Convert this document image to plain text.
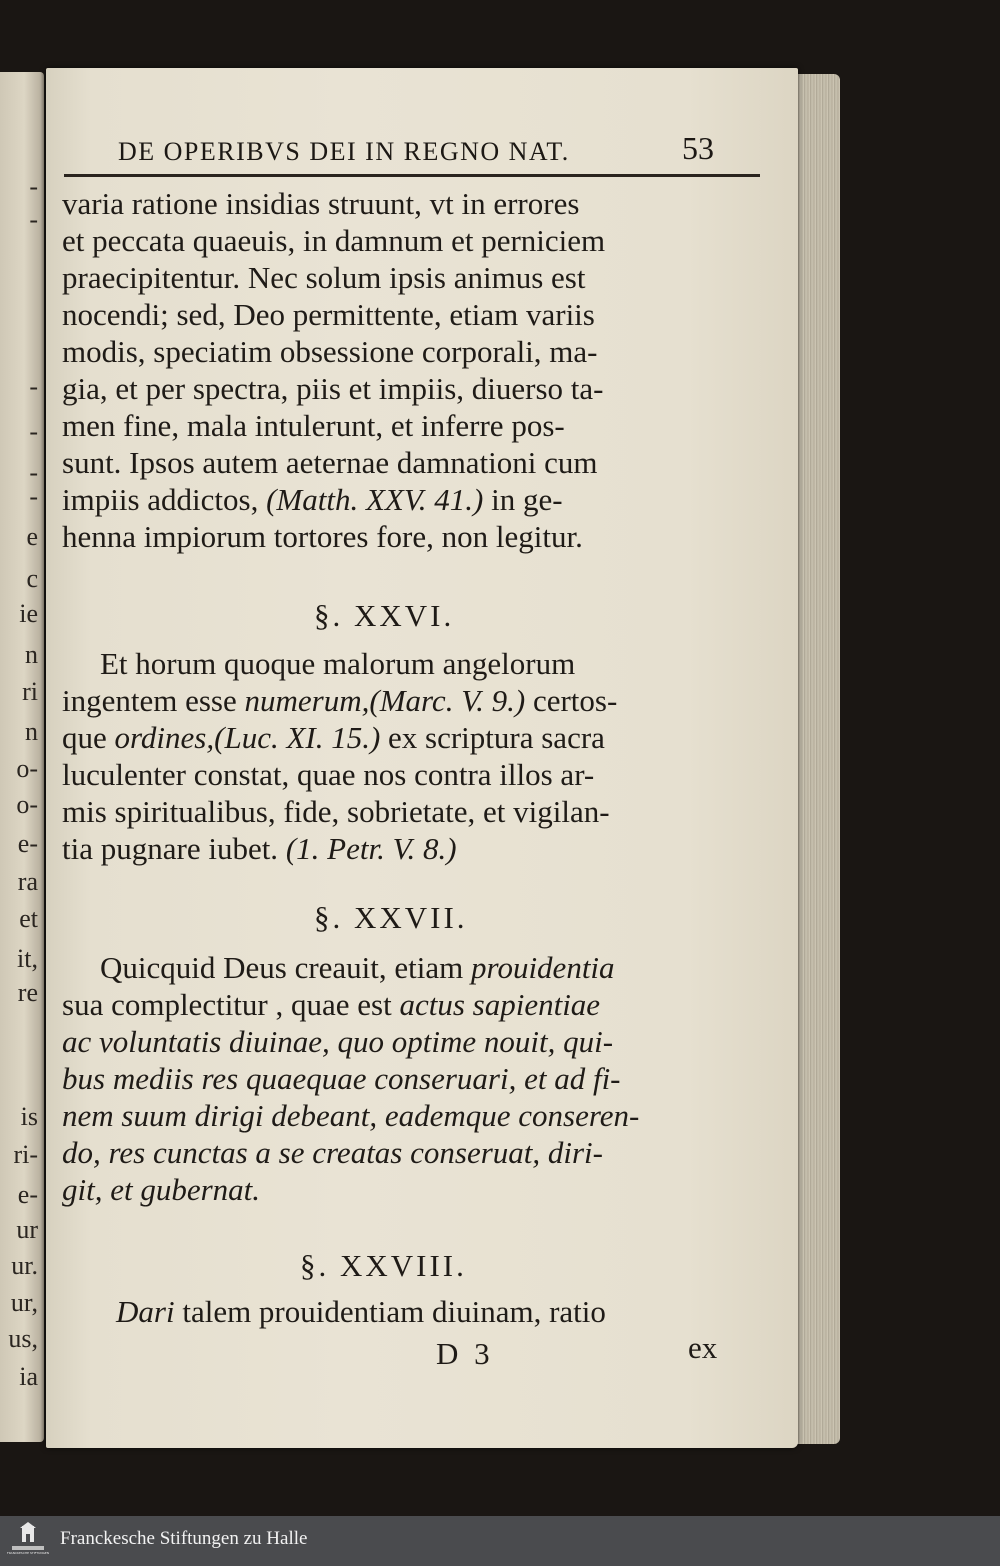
-
-
-
-
-
-
e
c
ie
n
ri
n
o-
o-
e-
ra
et
it,
re
is
ri-
e-
ur
ur.
ur,
us,
ia
DE OPERIBVS DEI IN REGNO NAT.	53
varia ratione insidias struunt, vt in errores
et peccata quaeuis, in damnum et perniciem
praecipitentur. Nec solum ipsis animus est
nocendi; sed, Deo permittente, etiam variis
modis, speciatim obsessione corporali, ma-
gia, et per spectra, piis et impiis, diuerso ta-
men fine, mala intulerunt, et inferre pos-
sunt. Ipsos autem aeternae damnationi cum
impiis addictos, (Matth. XXV. 41.) in ge-
henna impiorum tortores fore, non legitur.
§. XXVI.
Et horum quoque malorum angelorum
ingentem esse numerum,(Marc. V. 9.) certos-
que ordines,(Luc. XI. 15.) ex scriptura sacra
luculenter constat, quae nos contra illos ar-
mis spiritualibus, fide, sobrietate, et vigilan-
tia pugnare iubet. (1. Petr. V. 8.)
§. XXVII.
Quicquid Deus creauit, etiam prouidentia
sua complectitur , quae est actus sapientiae
ac voluntatis diuinae, quo optime nouit, qui-
bus mediis res quaequae conseruari, et ad fi-
nem suum dirigi debeant, eademque conseren-
do, res cunctas a se creatas conseruat, diri-
git, et gubernat.
§. XXVIII.
Dari talem prouidentiam diuinam, ratio
D 3	ex
FRANCKESCHE STIFTUNGEN
Franckesche Stiftungen zu Halle
